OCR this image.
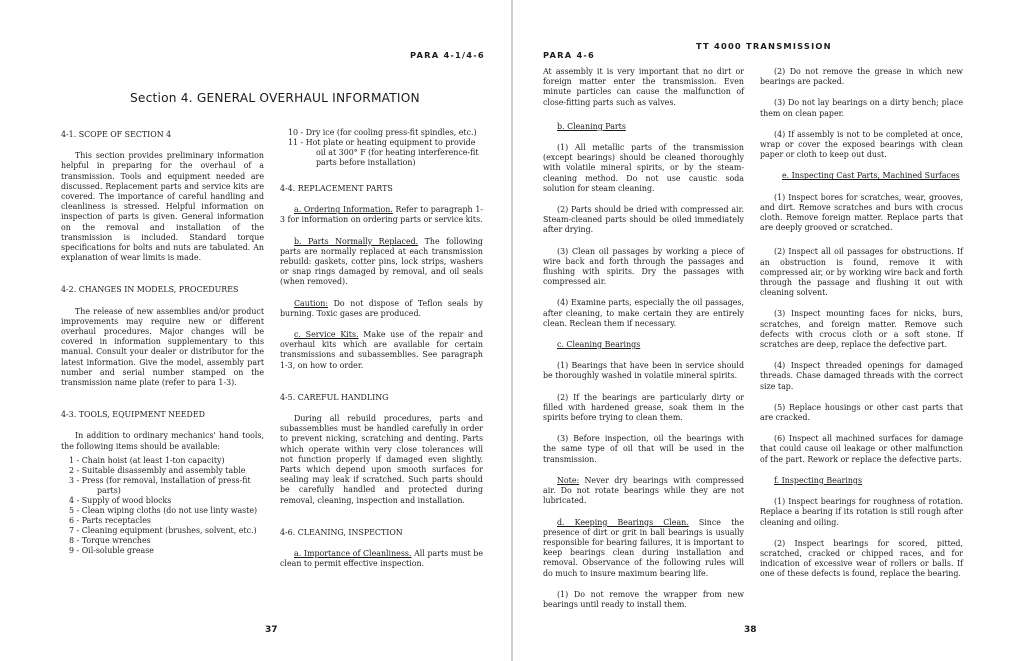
PARA 4-1/4-6
Section 4. GENERAL OVERHAUL INFORMATION
4-1. SCOPE OF SECTION 4

This section provides preliminary information helpful in preparing for the overhaul of a transmission. Tools and equipment needed are discussed. Replacement parts and service kits are covered. The importance of careful handling and cleanliness is stressed. Helpful information on inspection of parts is given. General information on the removal and installation of the transmission is included. Standard torque specifications for bolts and nuts are tabulated. An explanation of wear limits is made.

4-2. CHANGES IN MODELS, PROCEDURES

The release of new assemblies and/or product improvements may require new or different overhaul procedures. Major changes will be covered in information supplementary to this manual. Consult your dealer or distributor for the latest information. Give the model, assembly part number and serial number stamped on the transmission name plate (refer to para 1-3).

4-3. TOOLS, EQUIPMENT NEEDED

In addition to ordinary mechanics' hand tools, the following items should be available:

1 - Chain hoist (at least 1-ton capacity)
2 - Suitable disassembly and assembly table
3 - Press (for removal, installation of press-fit parts)
4 - Supply of wood blocks
5 - Clean wiping cloths (do not use linty waste)
6 - Parts receptacles
7 - Cleaning equipment (brushes, solvent, etc.)
8 - Torque wrenches
9 - Oil-soluble grease
10 - Dry ice (for cooling press-fit spindles, etc.)
11 - Hot plate or heating equipment to provide oil at 300° F (for heating interference-fit parts before installation)
4-4. REPLACEMENT PARTS

a. Ordering Information. Refer to paragraph 1-3 for information on ordering parts or service kits.

b. Parts Normally Replaced. The following parts are normally replaced at each transmission rebuild: gaskets, cotter pins, lock strips, washers or snap rings damaged by removal, and oil seals (when removed).

Caution: Do not dispose of Teflon seals by burning. Toxic gases are produced.

c. Service Kits. Make use of the repair and overhaul kits which are available for certain transmissions and subassemblies. See paragraph 1-3, on how to order.

4-5. CAREFUL HANDLING

During all rebuild procedures, parts and subassemblies must be handled carefully in order to prevent nicking, scratching and denting. Parts which operate within very close tolerances will not function properly if damaged even slightly. Parts which depend upon smooth surfaces for sealing may leak if scratched. Such parts should be carefully handled and protected during removal, cleaning, inspection and installation.

4-6. CLEANING, INSPECTION

a. Importance of Cleanliness. All parts must be clean to permit effective inspection.

37
PARA 4-6
TT 4000 TRANSMISSION

At assembly it is very important that no dirt or foreign matter enter the transmission. Even minute particles can cause the malfunction of close-fitting parts such as valves.

b. Cleaning Parts

(1) All metallic parts of the transmission (except bearings) should be cleaned thoroughly with volatile mineral spirits, or by the steam-cleaning method. Do not use caustic soda solution for steam cleaning.

(2) Parts should be dried with compressed air. Steam-cleaned parts should be oiled immediately after drying.

(3) Clean oil passages by working a piece of wire back and forth through the passages and flushing with spirits. Dry the passages with compressed air.

(4) Examine parts, especially the oil passages, after cleaning, to make certain they are entirely clean. Reclean them if necessary.

c. Cleaning Bearings

(1) Bearings that have been in service should be thoroughly washed in volatile mineral spirits.

(2) If the bearings are particularly dirty or filled with hardened grease, soak them in the spirits before trying to clean them.

(3) Before inspection, oil the bearings with the same type of oil that will be used in the transmission.

Note: Never dry bearings with compressed air. Do not rotate bearings while they are not lubricated.

d. Keeping Bearings Clean. Since the presence of dirt or grit in ball bearings is usually responsible for bearing failures, it is important to keep bearings clean during installation and removal. Observance of the following rules will do much to insure maximum bearing life.

(1) Do not remove the wrapper from new bearings until ready to install them.

(2) Do not remove the grease in which new bearings are packed.

(3) Do not lay bearings on a dirty bench; place them on clean paper.

(4) If assembly is not to be completed at once, wrap or cover the exposed bearings with clean paper or cloth to keep out dust.

e. Inspecting Cast Parts, Machined Surfaces

(1) Inspect bores for scratches, wear, grooves, and dirt. Remove scratches and burs with crocus cloth. Remove foreign matter. Replace parts that are deeply grooved or scratched.

(2) Inspect all oil passages for obstructions. If an obstruction is found, remove it with compressed air, or by working wire back and forth through the passage and flushing it out with cleaning solvent.

(3) Inspect mounting faces for nicks, burs, scratches, and foreign matter. Remove such defects with crocus cloth or a soft stone. If scratches are deep, replace the defective part.

(4) Inspect threaded openings for damaged threads. Chase damaged threads with the correct size tap.

(5) Replace housings or other cast parts that are cracked.

(6) Inspect all machined surfaces for damage that could cause oil leakage or other malfunction of the part. Rework or replace the defective parts.

f. Inspecting Bearings

(1) Inspect bearings for roughness of rotation. Replace a bearing if its rotation is still rough after cleaning and oiling.

(2) Inspect bearings for scored, pitted, scratched, cracked or chipped races, and for indication of excessive wear of rollers or balls. If one of these defects is found, replace the bearing.

38
